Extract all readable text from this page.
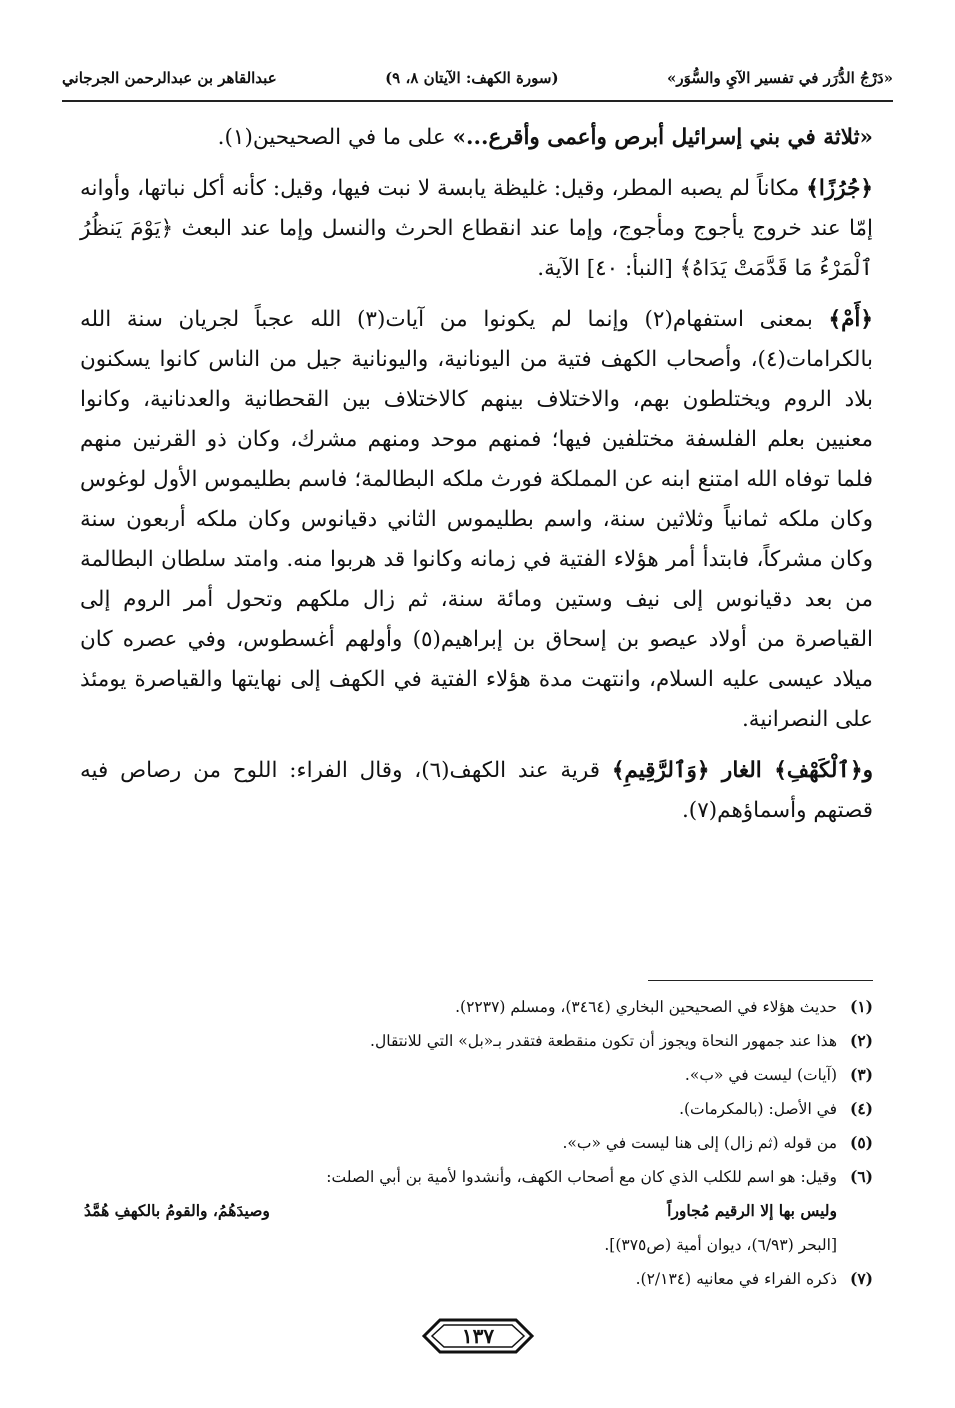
«دَرْجُ الدُّرَر في تفسير الآيِ والسُّوَر»
(سورة الكهف: الآيتان ٨، ٩)
عبدالقاهر بن عبدالرحمن الجرجاني

«ثلاثة في بني إسرائيل أبرص وأعمى وأقرع...» على ما في الصحيحين(١).

﴿جُرُزًا﴾ مكاناً لم يصبه المطر، وقيل: غليظة يابسة لا نبت فيها، وقيل: كأنه أكل نباتها، وأوانه إمّا عند خروج يأجوج ومأجوج، وإما عند انقطاع الحرث والنسل وإما عند البعث ﴿يَوْمَ يَنظُرُ ٱلْمَرْءُ مَا قَدَّمَتْ يَدَاهُ﴾ [النبأ: ٤٠] الآية.

﴿أَمْ﴾ بمعنى استفهام(٢) وإنما لم يكونوا من آيات(٣) الله عجباً لجريان سنة الله بالكرامات(٤)، وأصحاب الكهف فتية من اليونانية، واليونانية جيل من الناس كانوا يسكنون بلاد الروم ويختلطون بهم، والاختلاف بينهم كالاختلاف بين القحطانية والعدنانية، وكانوا معنيين بعلم الفلسفة مختلفين فيها؛ فمنهم موحد ومنهم مشرك، وكان ذو القرنين منهم فلما توفاه الله امتنع ابنه عن المملكة فورث ملكه البطالمة؛ فاسم بطليموس الأول لوغوس وكان ملكه ثمانياً وثلاثين سنة، واسم بطليموس الثاني دقيانوس وكان ملكه أربعون سنة وكان مشركاً، فابتدأ أمر هؤلاء الفتية في زمانه وكانوا قد هربوا منه. وامتد سلطان البطالمة من بعد دقيانوس إلى نيف وستين ومائة سنة، ثم زال ملكهم وتحول أمر الروم إلى القياصرة من أولاد عيصو بن إسحاق بن إبراهيم(٥) وأولهم أغسطوس، وفي عصره كان ميلاد عيسى عليه السلام، وانتهت مدة هؤلاء الفتية في الكهف إلى نهايتها والقياصرة يومئذ على النصرانية.

و﴿ٱلْكَهْفِ﴾ الغار ﴿وَٱلرَّقِيمِ﴾ قرية عند الكهف(٦)، وقال الفراء: اللوح من رصاص فيه قصتهم وأسماؤهم(٧).

(١)
حديث هؤلاء في الصحيحين البخاري (٣٤٦٤)، ومسلم (٢٢٣٧).
(٢)
هذا عند جمهور النحاة ويجوز أن تكون منقطعة فتقدر بـ«بل» التي للانتقال.
(٣)
(آيات) ليست في «ب».
(٤)
في الأصل: (بالمكرمات).
(٥)
من قوله (ثم زال) إلى هنا ليست في «ب».
(٦)
وقيل: هو اسم للكلب الذي كان مع أصحاب الكهف، وأنشدوا لأمية بن أبي الصلت:
وليس بها إلا الرقيم مُجاوراً
وصيدَهُمُ، والقومُ بالكهفِ هُمَّدُ
[البحر (٦/٩٣)، ديوان أمية (ص٣٧٥)].
(٧)
ذكره الفراء في معانيه (٢/١٣٤).
١٣٧
